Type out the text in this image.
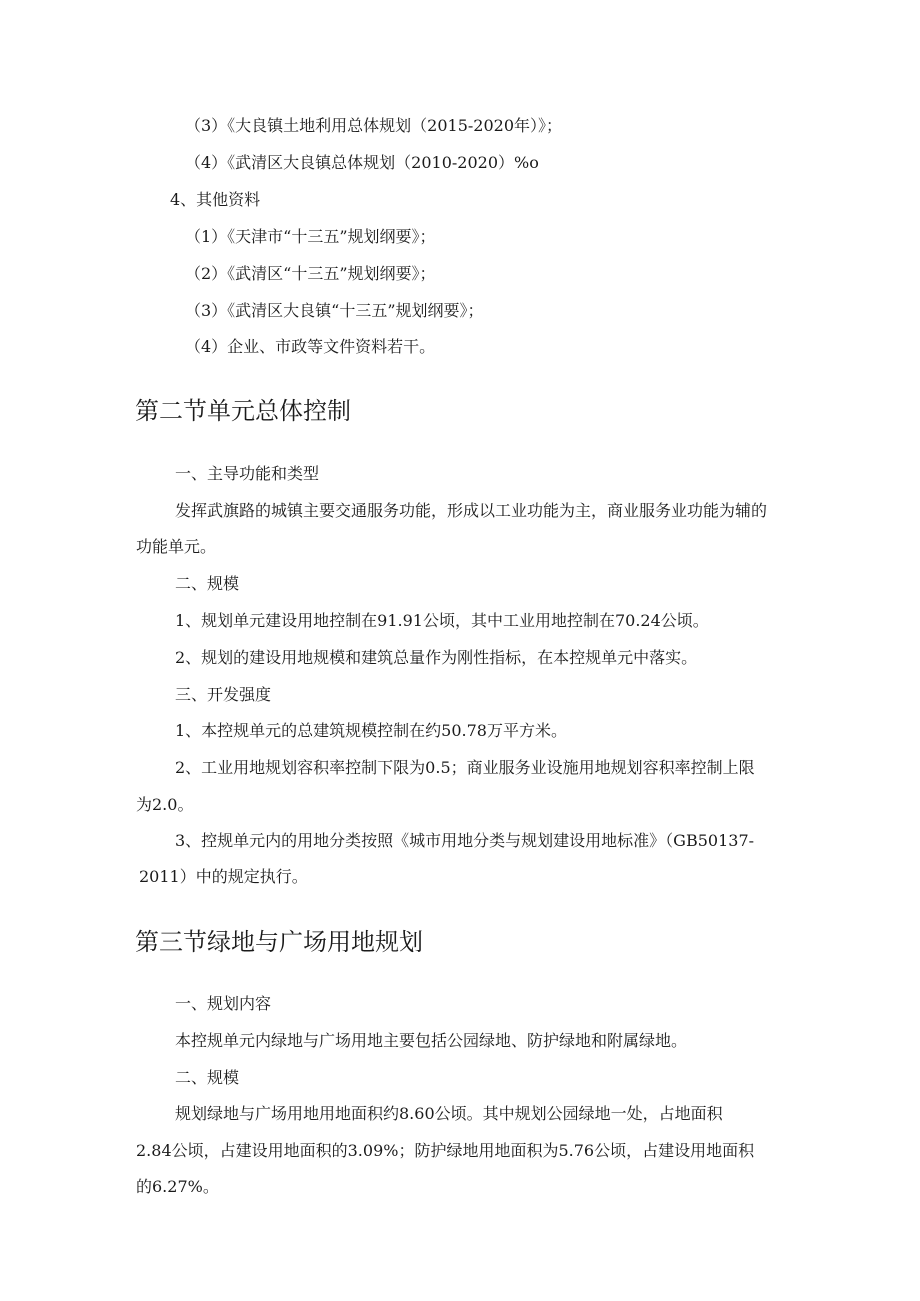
（3）《大良镇土地利用总体规划（2015-2020年）》；

（4）《武清区大良镇总体规划（2010-2020）%o

4、其他资料

（1）《天津市“十三五”规划纲要》；

（2）《武清区“十三五”规划纲要》；

（3）《武清区大良镇“十三五”规划纲要》；

（4）企业、市政等文件资料若干。

第二节单元总体控制

一、主导功能和类型

发挥武旗路的城镇主要交通服务功能，形成以工业功能为主，商业服务业功能为辅的

功能单元。

二、规模

1、规划单元建设用地控制在91.91公顷，其中工业用地控制在70.24公顷。

2、规划的建设用地规模和建筑总量作为刚性指标，在本控规单元中落实。

三、开发强度

1、本控规单元的总建筑规模控制在约50.78万平方米。

2、工业用地规划容积率控制下限为0.5；商业服务业设施用地规划容积率控制上限

为2.0。

3、控规单元内的用地分类按照《城市用地分类与规划建设用地标准》（GB50137-

2011）中的规定执行。

第三节绿地与广场用地规划

一、规划内容

本控规单元内绿地与广场用地主要包括公园绿地、防护绿地和附属绿地。

二、规模

规划绿地与广场用地用地面积约8.60公顷。其中规划公园绿地一处，占地面积

2.84公顷，占建设用地面积的3.09%；防护绿地用地面积为5.76公顷，占建设用地面积

的6.27%。
